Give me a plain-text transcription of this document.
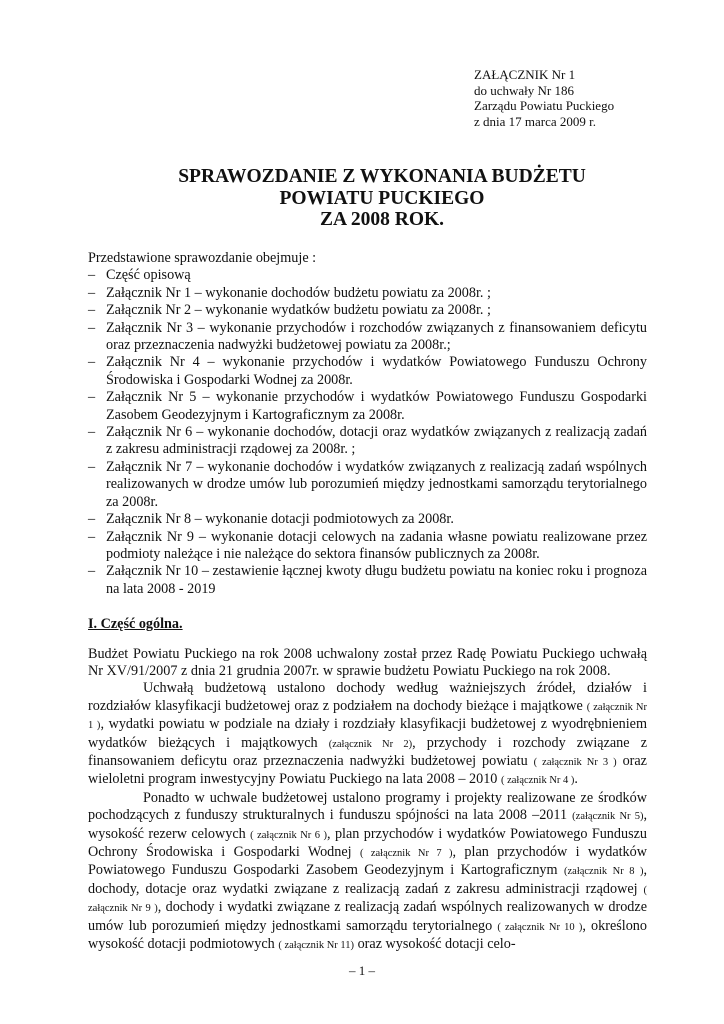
ZAŁĄCZNIK Nr 1
do uchwały Nr 186
Zarządu Powiatu Puckiego
z dnia 17 marca 2009 r.
SPRAWOZDANIE Z WYKONANIA BUDŻETU
POWIATU PUCKIEGO
ZA 2008 ROK.

Przedstawione sprawozdanie obejmuje :

– Część opisową
– Załącznik Nr 1 – wykonanie dochodów budżetu powiatu za 2008r. ;
– Załącznik Nr 2 – wykonanie wydatków budżetu powiatu za 2008r. ;
– Załącznik Nr 3 – wykonanie przychodów i rozchodów związanych z finansowaniem deficytu oraz przeznaczenia nadwyżki budżetowej powiatu za 2008r.;
– Załącznik Nr 4 – wykonanie przychodów i wydatków Powiatowego Funduszu Ochrony Środowiska i Gospodarki Wodnej za 2008r.
– Załącznik Nr 5 – wykonanie przychodów i wydatków Powiatowego Funduszu Gospodarki Zasobem Geodezyjnym i Kartograficznym za 2008r.
– Załącznik Nr 6 – wykonanie dochodów, dotacji oraz wydatków związanych z realizacją zadań z zakresu administracji rządowej za 2008r. ;
– Załącznik Nr 7 – wykonanie dochodów i wydatków związanych z realizacją zadań wspólnych realizowanych w drodze umów lub porozumień między jednostkami samorządu terytorialnego za 2008r.
– Załącznik Nr 8 – wykonanie dotacji podmiotowych za 2008r.
– Załącznik Nr 9 – wykonanie dotacji celowych na zadania własne powiatu realizowane przez podmioty należące i nie należące do sektora finansów publicznych za 2008r.
– Załącznik Nr 10 – zestawienie łącznej kwoty długu budżetu powiatu na koniec roku i prognoza na lata 2008 - 2019
I. Część ogólna.

Budżet Powiatu Puckiego na rok 2008 uchwalony został przez Radę Powiatu Puckiego uchwałą Nr XV/91/2007 z dnia 21 grudnia 2007r. w sprawie budżetu Powiatu Puckiego na rok 2008.

Uchwałą budżetową ustalono dochody według ważniejszych źródeł, działów i rozdziałów klasyfikacji budżetowej oraz z podziałem na dochody bieżące i majątkowe ( załącznik Nr 1 ), wydatki powiatu w podziale na działy i rozdziały klasyfikacji budżetowej z wyodrębnieniem wydatków bieżących i majątkowych (załącznik Nr 2), przychody i rozchody związane z finansowaniem deficytu oraz przeznaczenia nadwyżki budżetowej powiatu ( załącznik Nr 3 ) oraz wieloletni program inwestycyjny Powiatu Puckiego na lata 2008 – 2010 ( załącznik Nr 4 ).

Ponadto w uchwale budżetowej ustalono programy i projekty realizowane ze środków pochodzących z funduszy strukturalnych i funduszu spójności na lata 2008 –2011 (załącznik Nr 5), wysokość rezerw celowych ( załącznik Nr 6 ), plan przychodów i wydatków Powiatowego Funduszu Ochrony Środowiska i Gospodarki Wodnej ( załącznik Nr 7 ), plan przychodów i wydatków Powiatowego Funduszu Gospodarki Zasobem Geodezyjnym i Kartograficznym (załącznik Nr 8 ), dochody, dotacje oraz wydatki związane z realizacją zadań z zakresu administracji rządowej ( załącznik Nr 9 ), dochody i wydatki związane z realizacją zadań wspólnych realizowanych w drodze umów lub porozumień między jednostkami samorządu terytorialnego ( załącznik Nr 10 ), określono wysokość dotacji podmiotowych ( załącznik Nr 11) oraz wysokość dotacji celo-

– 1 –
